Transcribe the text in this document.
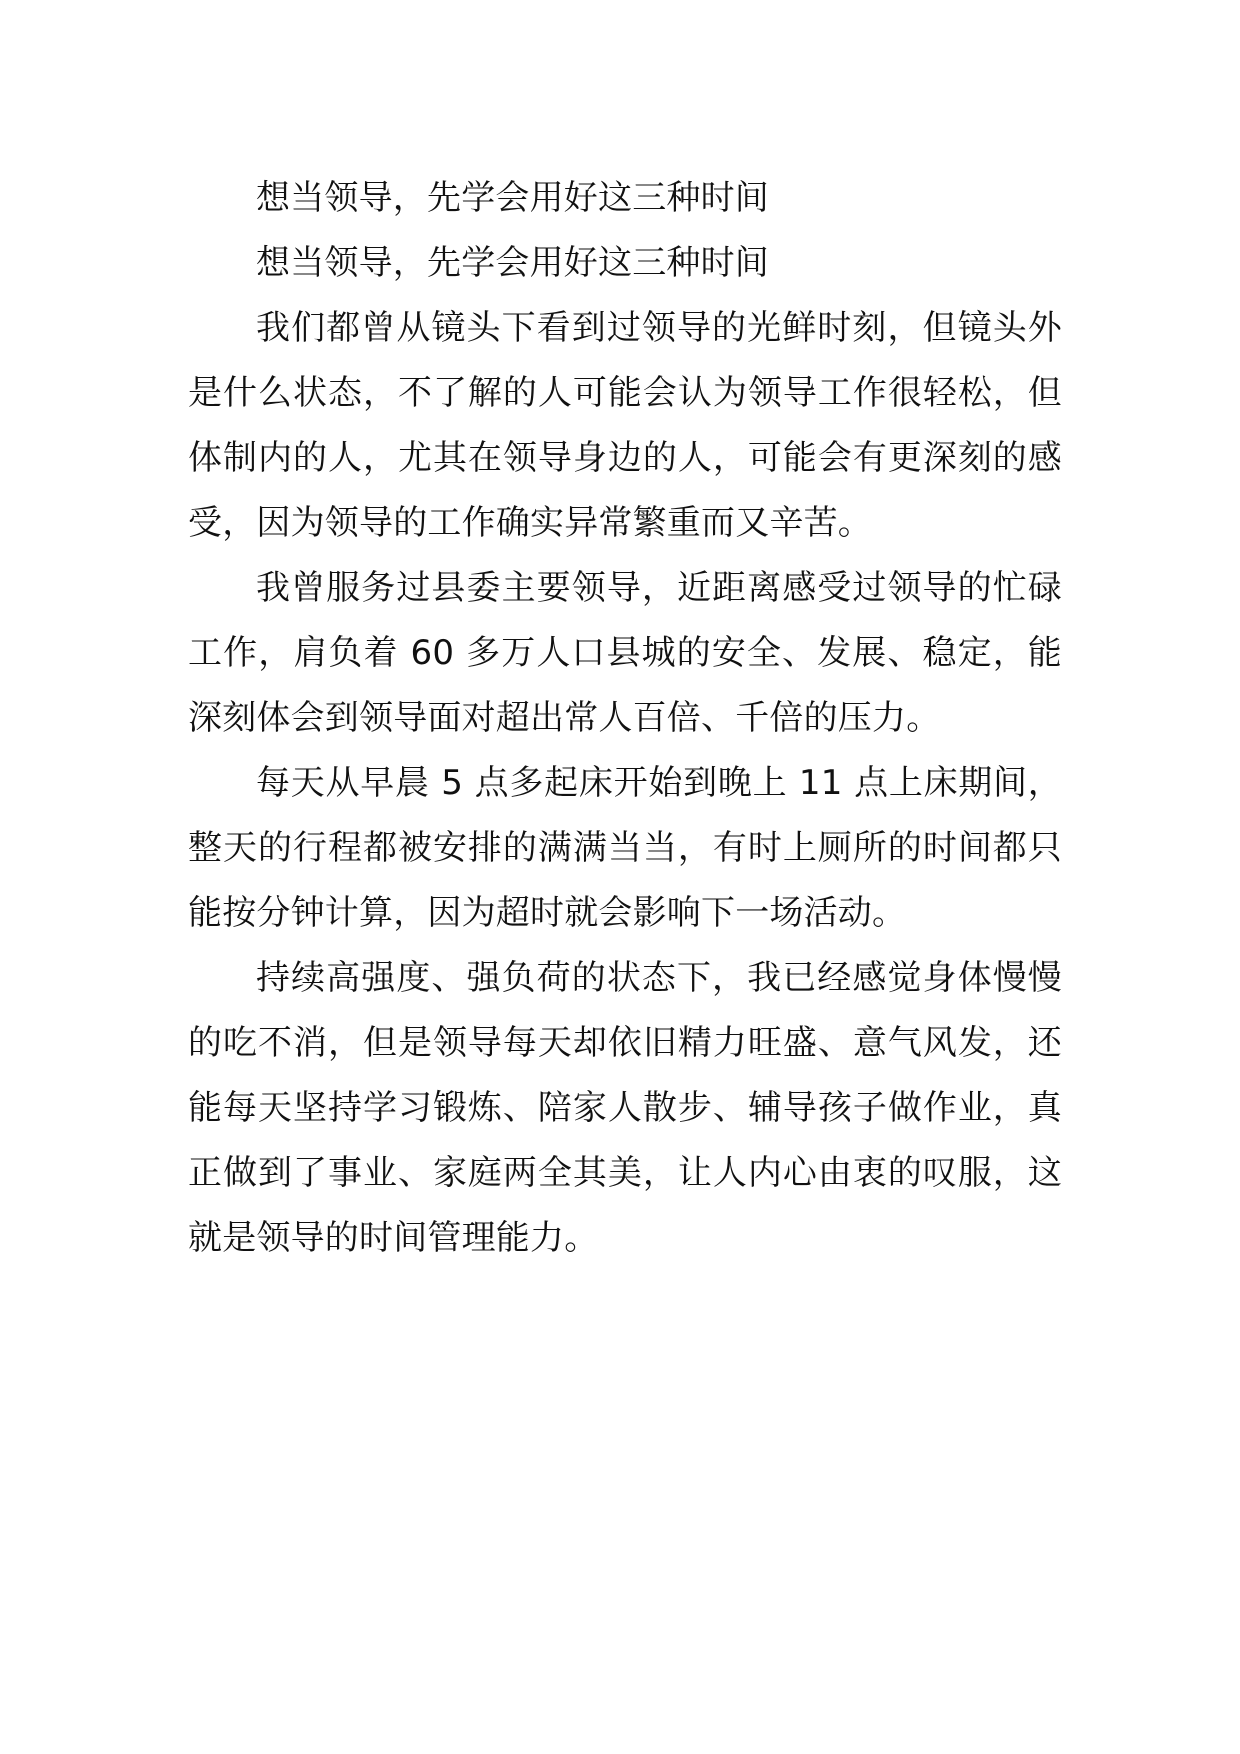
想当领导，先学会用好这三种时间

想当领导，先学会用好这三种时间

我们都曾从镜头下看到过领导的光鲜时刻，但镜头外是什么状态，不了解的人可能会认为领导工作很轻松，但体制内的人，尤其在领导身边的人，可能会有更深刻的感受，因为领导的工作确实异常繁重而又辛苦。

我曾服务过县委主要领导，近距离感受过领导的忙碌工作，肩负着 60 多万人口县城的安全、发展、稳定，能深刻体会到领导面对超出常人百倍、千倍的压力。

每天从早晨 5 点多起床开始到晚上 11 点上床期间，整天的行程都被安排的满满当当，有时上厕所的时间都只能按分钟计算，因为超时就会影响下一场活动。

持续高强度、强负荷的状态下，我已经感觉身体慢慢的吃不消，但是领导每天却依旧精力旺盛、意气风发，还能每天坚持学习锻炼、陪家人散步、辅导孩子做作业，真正做到了事业、家庭两全其美，让人内心由衷的叹服，这就是领导的时间管理能力。
